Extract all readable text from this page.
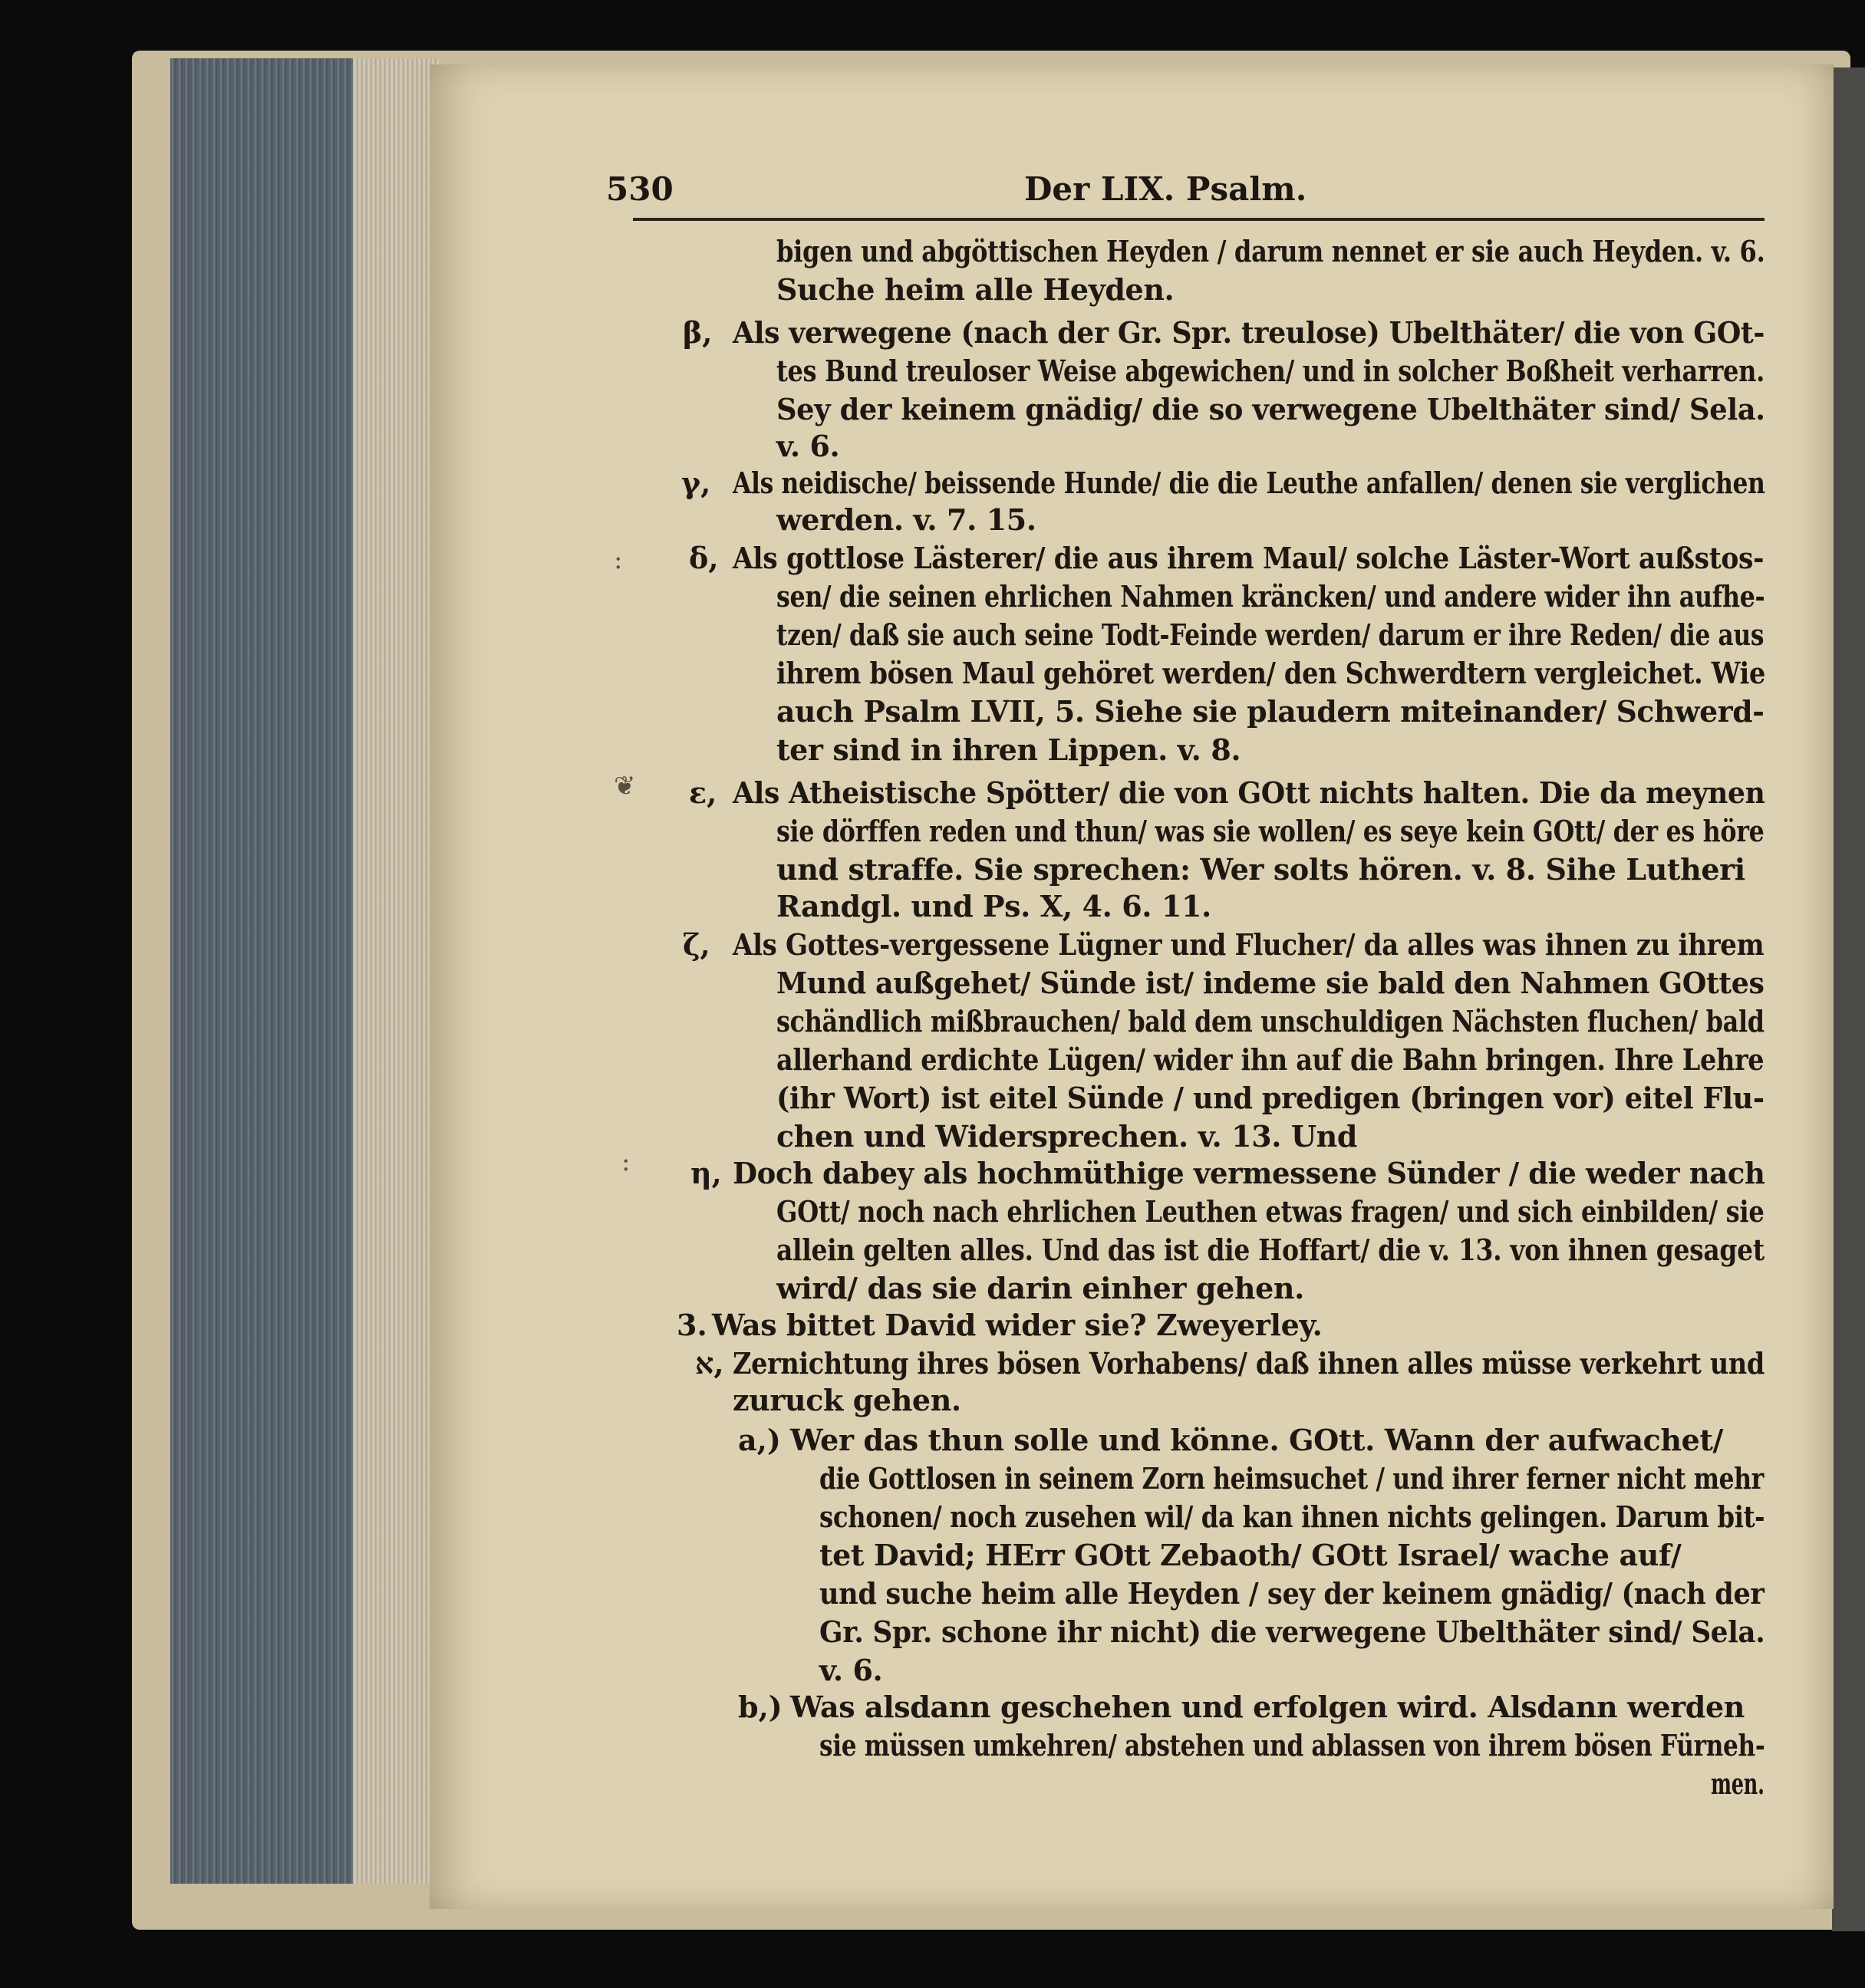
530	Der LIX. Psalm.
:
❦
:
bigen und abgöttischen Heyden / darum nennet er sie auch Heyden. v. 6.
Suche heim alle Heyden.
β, Als verwegene (nach der Gr. Spr. treulose) Ubelthäter/ die von GOt-
tes Bund treuloser Weise abgewichen/ und in solcher Boßheit verharren.
Sey der keinem gnädig/ die so verwegene Ubelthäter sind/ Sela.
v. 6.
γ, Als neidische/ beissende Hunde/ die die Leuthe anfallen/ denen sie verglichen
werden. v. 7. 15.
δ, Als gottlose Lästerer/ die aus ihrem Maul/ solche Läster-Wort außstos-
sen/ die seinen ehrlichen Nahmen kräncken/ und andere wider ihn aufhe-
tzen/ daß sie auch seine Todt-Feinde werden/ darum er ihre Reden/ die aus
ihrem bösen Maul gehöret werden/ den Schwerdtern vergleichet. Wie
auch Psalm LVII, 5. Siehe sie plaudern miteinander/ Schwerd-
ter sind in ihren Lippen. v. 8.
ε, Als Atheistische Spötter/ die von GOtt nichts halten. Die da meynen
sie dörffen reden und thun/ was sie wollen/ es seye kein GOtt/ der es höre
und straffe. Sie sprechen: Wer solts hören. v. 8. Sihe Lutheri
Randgl. und Ps. X, 4. 6. 11.
ζ, Als Gottes-vergessene Lügner und Flucher/ da alles was ihnen zu ihrem
Mund außgehet/ Sünde ist/ indeme sie bald den Nahmen GOttes
schändlich mißbrauchen/ bald dem unschuldigen Nächsten fluchen/ bald
allerhand erdichte Lügen/ wider ihn auf die Bahn bringen. Ihre Lehre
(ihr Wort) ist eitel Sünde / und predigen (bringen vor) eitel Flu-
chen und Widersprechen. v. 13. Und
η, Doch dabey als hochmüthige vermessene Sünder / die weder nach
GOtt/ noch nach ehrlichen Leuthen etwas fragen/ und sich einbilden/ sie
allein gelten alles. Und das ist die Hoffart/ die v. 13. von ihnen gesaget
wird/ das sie darin einher gehen.
3. Was bittet David wider sie? Zweyerley.
א, Zernichtung ihres bösen Vorhabens/ daß ihnen alles müsse verkehrt und
zuruck gehen.
a,) Wer das thun solle und könne. GOtt. Wann der aufwachet/
die Gottlosen in seinem Zorn heimsuchet / und ihrer ferner nicht mehr
schonen/ noch zusehen wil/ da kan ihnen nichts gelingen. Darum bit-
tet David; HErr GOtt Zebaoth/ GOtt Israel/ wache auf/
und suche heim alle Heyden / sey der keinem gnädig/ (nach der
Gr. Spr. schone ihr nicht) die verwegene Ubelthäter sind/ Sela.
v. 6.
b,) Was alsdann geschehen und erfolgen wird. Alsdann werden
sie müssen umkehren/ abstehen und ablassen von ihrem bösen Fürneh-
men.
